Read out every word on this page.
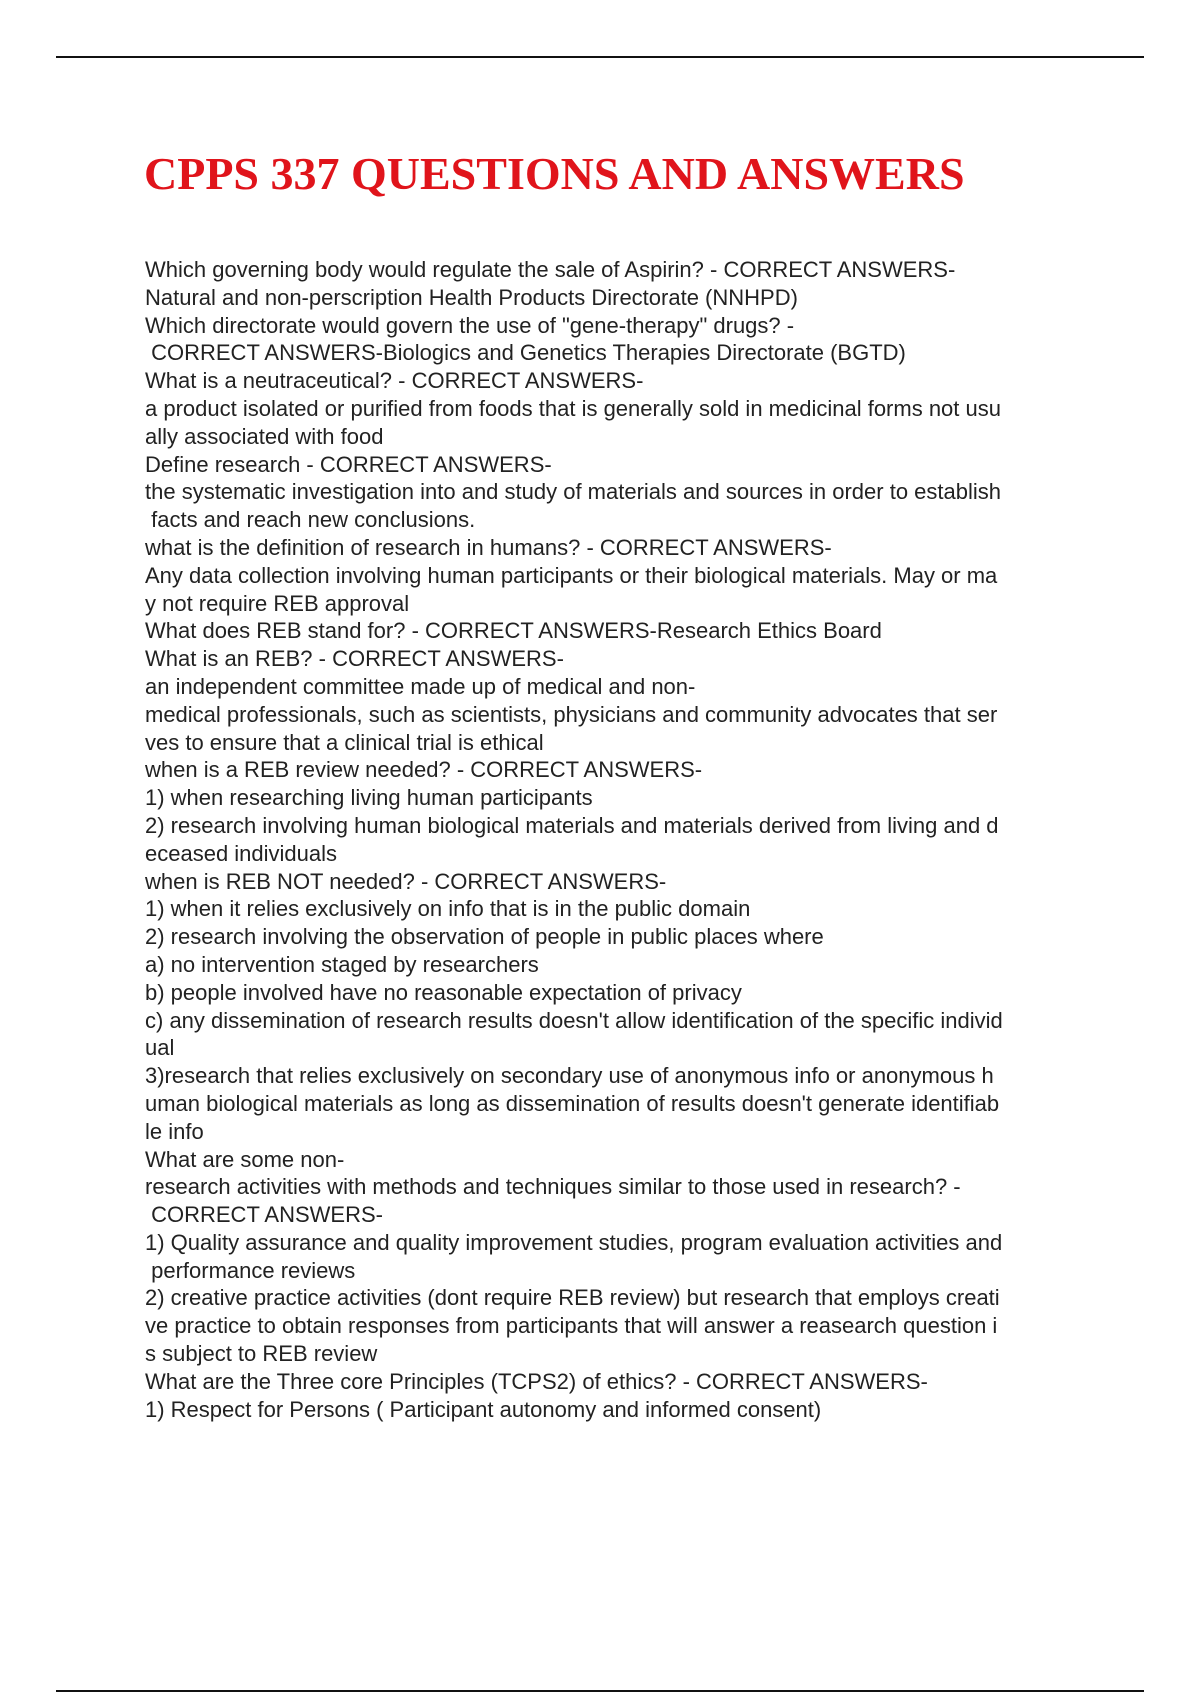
CPPS 337 QUESTIONS AND ANSWERS
Which governing body would regulate the sale of Aspirin? - CORRECT ANSWERS-
Natural and non-perscription Health Products Directorate (NNHPD)
Which directorate would govern the use of "gene-therapy" drugs? -
CORRECT ANSWERS-Biologics and Genetics Therapies Directorate (BGTD)
What is a neutraceutical? - CORRECT ANSWERS-
a product isolated or purified from foods that is generally sold in medicinal forms not usu
ally associated with food
Define research - CORRECT ANSWERS-
the systematic investigation into and study of materials and sources in order to establish
facts and reach new conclusions.
what is the definition of research in humans? - CORRECT ANSWERS-
Any data collection involving human participants or their biological materials. May or ma
y not require REB approval
What does REB stand for? - CORRECT ANSWERS-Research Ethics Board
What is an REB? - CORRECT ANSWERS-
an independent committee made up of medical and non-
medical professionals, such as scientists, physicians and community advocates that ser
ves to ensure that a clinical trial is ethical
when is a REB review needed? - CORRECT ANSWERS-
1) when researching living human participants
2) research involving human biological materials and materials derived from living and d
eceased individuals
when is REB NOT needed? - CORRECT ANSWERS-
1) when it relies exclusively on info that is in the public domain
2) research involving the observation of people in public places where
a) no intervention staged by researchers
b) people involved have no reasonable expectation of privacy
c) any dissemination of research results doesn't allow identification of the specific individ
ual
3)research that relies exclusively on secondary use of anonymous info or anonymous h
uman biological materials as long as dissemination of results doesn't generate identifiab
le info
What are some non-
research activities with methods and techniques similar to those used in research? -
CORRECT ANSWERS-
1) Quality assurance and quality improvement studies, program evaluation activities and
performance reviews
2) creative practice activities (dont require REB review) but research that employs creati
ve practice to obtain responses from participants that will answer a reasearch question i
s subject to REB review
What are the Three core Principles (TCPS2) of ethics? - CORRECT ANSWERS-
1) Respect for Persons ( Participant autonomy and informed consent)
